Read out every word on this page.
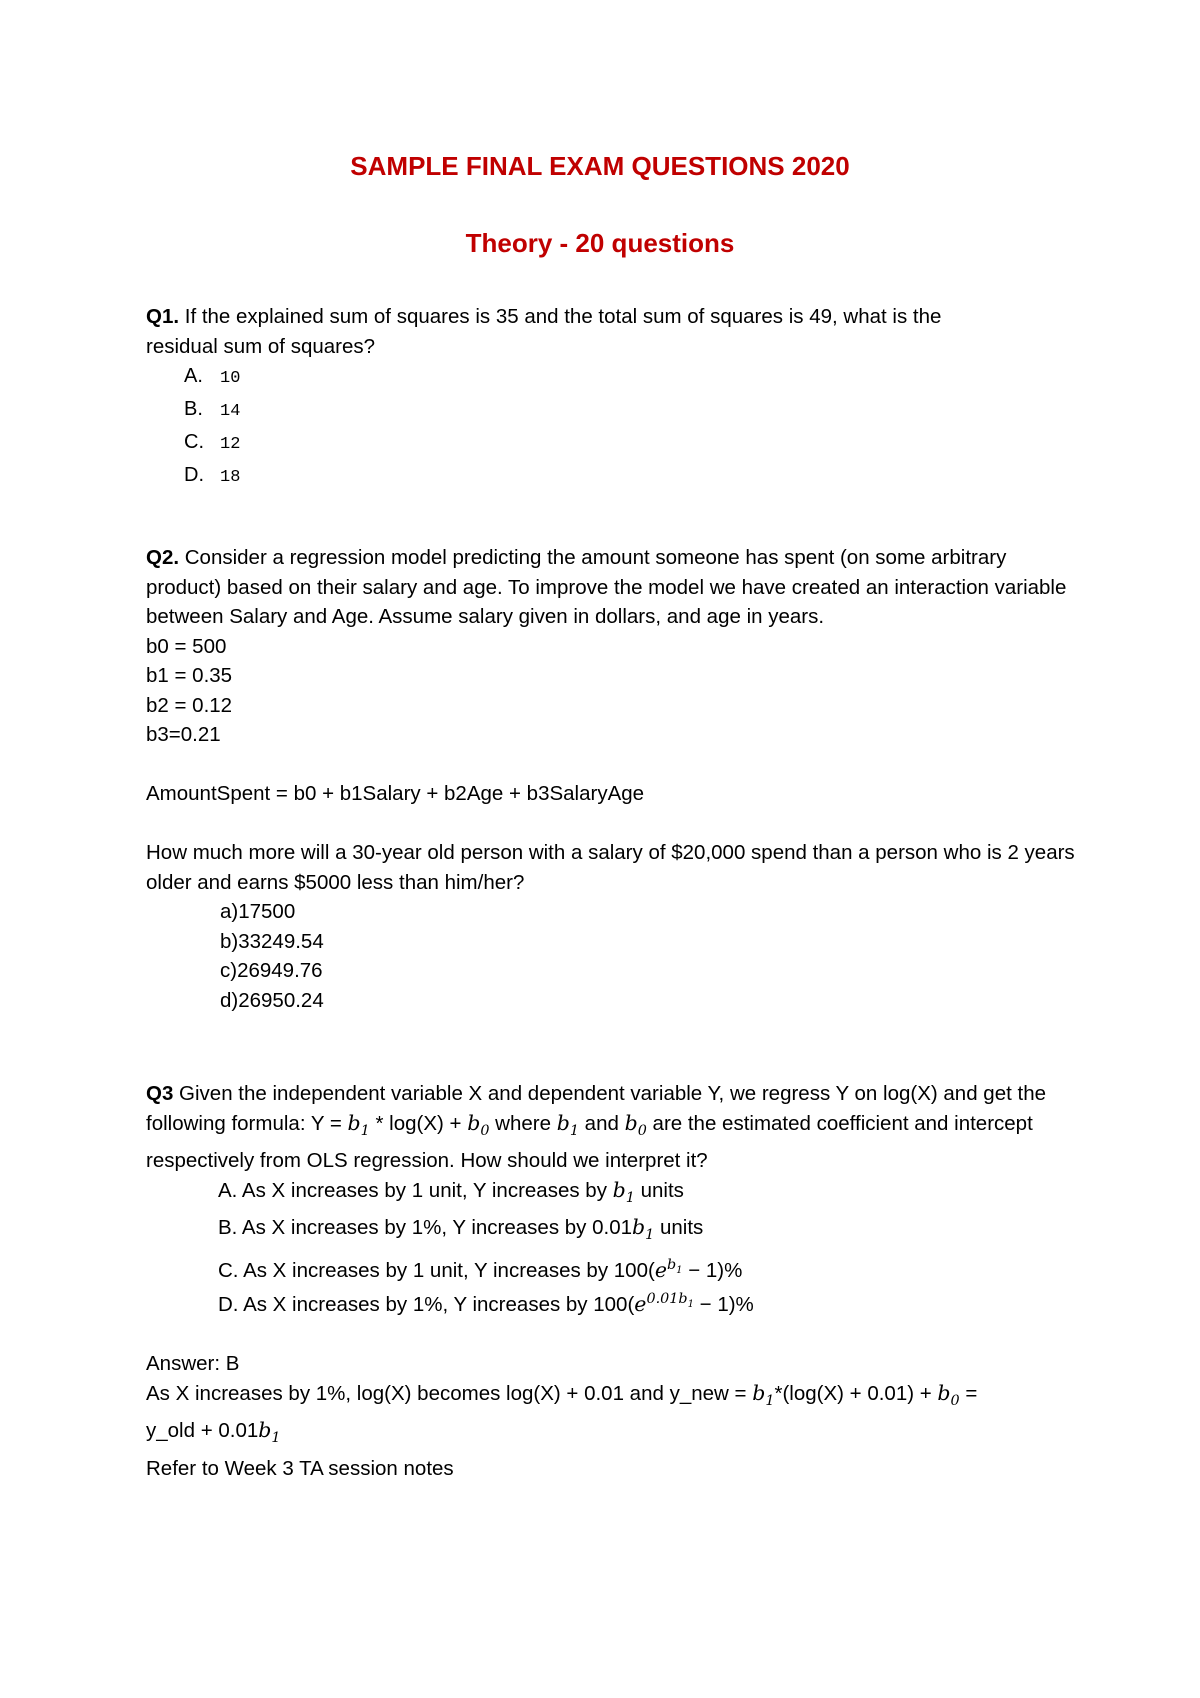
SAMPLE FINAL EXAM QUESTIONS 2020
Theory - 20 questions

Q1. If the explained sum of squares is 35 and the total sum of squares is 49, what is the
residual sum of squares?

A. 10
B. 14
C. 12
D. 18

Q2. Consider a regression model predicting the amount someone has spent (on some arbitrary product) based on their salary and age. To improve the model we have created an interaction variable between Salary and Age. Assume salary given in dollars, and age in years.

b0 = 500

b1 = 0.35

b2 = 0.12

b3=0.21

AmountSpent = b0 + b1Salary + b2Age + b3SalaryAge

How much more will a 30-year old person with a salary of $20,000 spend than a person who is 2 years older and earns $5000 less than him/her?

a)17500
b)33249.54
c)26949.76
d)26950.24

Q3 Given the independent variable X and dependent variable Y, we regress Y on log(X) and get the following formula: $Y = b_1 * \log(X) + b_0$ where $b_1$ and $b_0$ are the estimated coefficient and intercept respectively from OLS regression. How should we interpret it?

A. As X increases by 1 unit, Y increases by $b_1$ units
B. As X increases by 1%, Y increases by $0.01b_1$ units
C. As X increases by 1 unit, Y increases by $100(e^{b_1} - 1)\%$
D. As X increases by 1%, Y increases by $100(e^{0.01b_1} - 1)\%$

Answer: B

As X increases by 1%, log(X) becomes log(X) + 0.01 and y_new = $b_1*(\log(X) + 0.01) + b_0$ =
y_old + $0.01b_1$

Refer to Week 3 TA session notes
